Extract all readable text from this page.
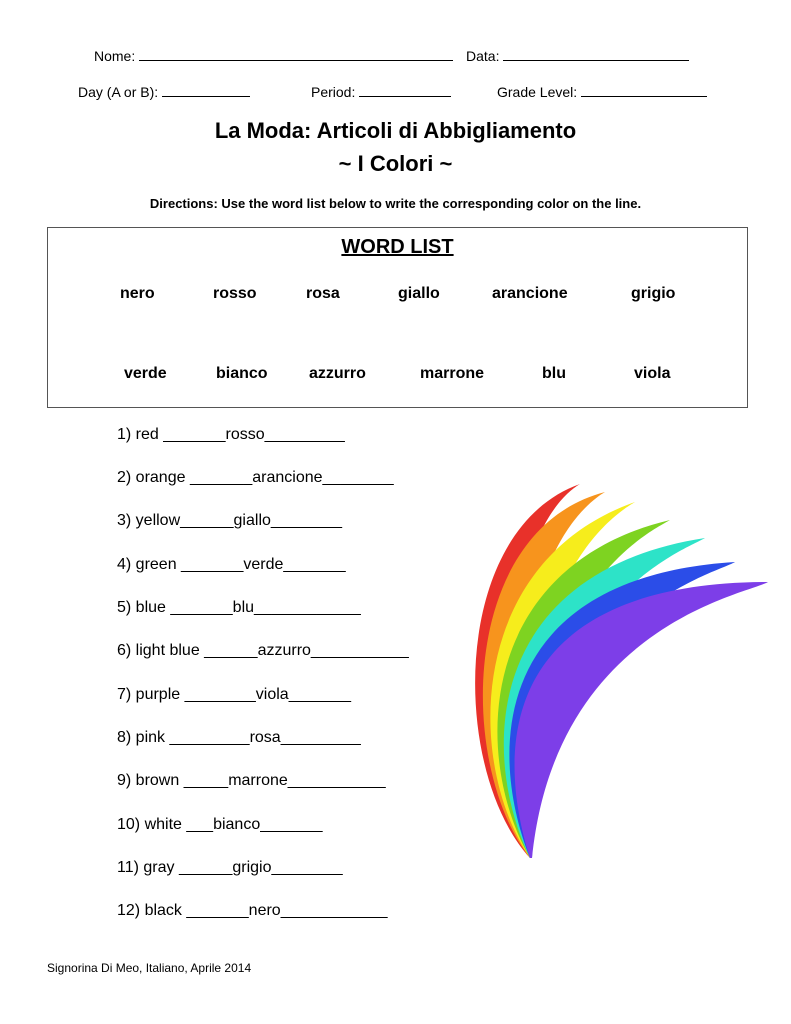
Nome:	Data:
Day (A or B):	Period:	Grade Level:
La Moda: Articoli di Abbigliamento
~ I Colori ~
Directions: Use the word list below to write the corresponding color on the line.
WORD LIST
nero	rosso	rosa	giallo	arancione	grigio
verde	bianco	azzurro	marrone	blu	viola
1) red _______rosso_________
2) orange _______arancione________
3) yellow______giallo________
4) green _______verde_______
5) blue _______blu____________
6) light blue ______azzurro___________
7) purple ________viola_______
8) pink _________rosa_________
9) brown _____marrone___________
10) white ___bianco_______
11) gray ______grigio________
12) black _______nero____________
Signorina Di Meo, Italiano, Aprile 2014
